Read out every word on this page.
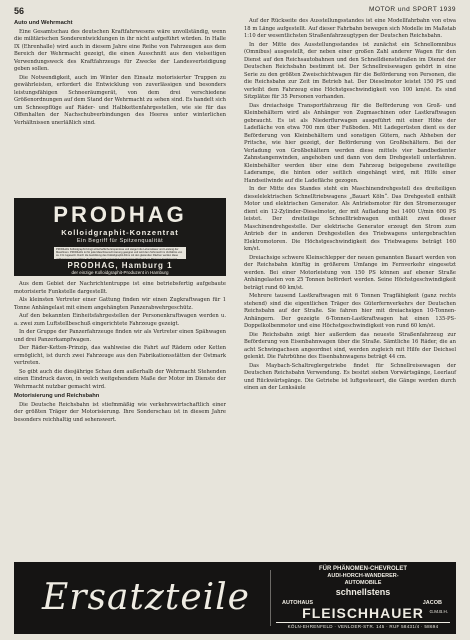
56	MOTOR und SPORT 1939
Auto und Wehrmacht

Eine Gesamtschau des deutschen Kraftfahrwesens wäre unvollständig, wenn die militärischen Sonderentwicklungen in ihr nicht aufgeführt würden. In Halle IX (Ehrenhalle) wird auch in diesem Jahre eine Reihe von Fahrzeugen aus dem Bereich der Wehrmacht gezeigt, die einen Ausschnitt aus den vielseitigen Verwendungsweck des Kraftfahrzeugs für Zwecke der Landesverteidigung geben sollen.

Die Notwendigkeit, auch im Winter den Einsatz motorisierter Truppen zu gewährleisten, erfordert die Entwicklung von zuverlässigen und besonders leistungsfähigen Schneeräumgerät, von dem drei verschiedene Größenordnungen auf dem Stand der Wehrmacht zu sehen sind. Es handelt sich um Schneepflüge auf Räder- und Halbkettenfahrgestellen, wie sie für das Offenhalten der Nachschubverbindungen des Heeres unter winterlichen Verhältnissen unerläßlich sind.

PRODHAG
Kolloidgraphit-Konzentrat
Ein Begriff für Spitzenqualität
PRODHAG Kolloidgraphit bringt wirtschaftliche Ersparnisse und steigert die Lebensdauer und Leistung der Maschinen. PRODHAG ist für jede Maschinenschmierung geeignet und wird dem Schmieröl im Verhältnis von ca. 1% zugesetzt. Durch die Ausbildung des Kolloidgraphit-Films mit den gleitenden Flächen werden diese vollkommen ausgeglättet, die Reibung stark vermindert und der Verschleiß auf ein Minimum herabgesetzt.
PRODHAG, Hamburg 1
der einzige Kolloidgraphit-Produzent in Hamburg

Aus dem Gebiet der Nachrichtentruppe ist eine betriebsfertig aufgebaute motorisierte Funkstelle dargestellt.

Als kleinsten Vertreter einer Gattung finden wir einen Zugkraftwagen für 1 Tonne Anhängelast mit einem angehängten Panzerabwehrgeschütz.

Auf den bekannten Einheitsfahrgestellen der Personenkraftwagen werden u. a. zwei zum Luftstellbeschuß eingerichtete Fahrzeuge gezeigt.

In der Gruppe der Panzerfahrzeuge finden wir als Vertreter einen Spähwagen und drei Panzerkampfwagen.

Der Räder-Ketten-Prinzip, das wahlweise die Fahrt auf Rädern oder Ketten ermöglicht, ist durch zwei Fahrzeuge aus den Fabrikationsstätten der Ostmark vertreten.

So gibt auch die diesjährige Schau dem außerhalb der Wehrmacht Stehenden einen Eindruck davon, in welch weitgehendem Maße der Motor im Dienste der Wehrmacht nutzbar gemacht wird.

Motorisierung und Reichsbahn

Die Deutsche Reichsbahn ist stiefmmäßig wie verkehrswirtschaftlich einer der größten Träger der Motorisierung. Ihre Sonderschau ist in diesem Jahre besonders reichhaltig und sehenswert.

Auf der Rückseite des Ausstellungsstandes ist eine Modellfahrbahn von etwa 18 m Länge aufgestellt. Auf dieser Fahrbahn bewegen sich Modelle im Maßstab 1:10 der wesentlichsten Straßenfahrzeugtypen der Deutschen Reichsbahn.

In der Mitte des Ausstellungsstandes ist zunächst ein Schnellomnibus (Omnibus) ausgestellt, der neben einer großen Zahl anderer Wagen für den Dienst auf den Reichsautobahnen und den Schnelldienststraßen im Dienst der Deutschen Reichsbahn bestimmt ist. Der Schnellreisewagen gehört in eine Serie zu den größten Zweischichtwagen für die Beförderung von Personen, die die Reichsbahn zur Zeit im Betrieb hat. Der Dieselmotor leistet 150 PS und verleiht dem Fahrzeug eine Höchstgeschwindigkeit von 100 km/st. Es sind Sitzplätze für 35 Personen vorhanden.

Das dreiachsige Transportfahrzeug für die Beförderung von Groß- und Kleinbehältern wird als Anhänger von Zugmaschinen oder Lastkraftwagen gebraucht. Es ist als Niederflurwagen ausgeführt mit einer Höhe der Ladefläche von etwa 700 mm über Fußboden. Mit Ladegerüsten dient es der Beförderung von Kleinbehältern und sonstigen Gütern, nach Abheben der Pritsche, wie hier gezeigt, der Beförderung von Großbehältern. Bei der Verladung von Großbehältern werden diese mittels vier bandbedienter Zahnstangenwinden, angehoben und dann von dem Drehgestell unterfahren. Kleinbehälter werden über eine dem Fahrzeug beigegebene zweiteilige Laderampe, die hinten oder seitlich eingehängt wird, mit Hilfe einer Handseilwinde auf die Ladefläche gezogen.

In der Mitte des Standes steht ein Maschinendrehgestell des dreiteiligen dieselelektrischen Schnelltriebwagens „Bauart Köln“. Das Drehgestell enthält Motor und elektrischen Generator. Als Antriebsmotor für den Stromerzeuger dient ein 12-Zylinder-Dieselmotor, der mit Aufladung bei 1400 U/min 600 PS leistet. Der dreiteilige Schnelltriebwagen enthält zwei dieser Maschinendrehgestelle. Der elektrische Generator erzeugt den Strom zum Antrieb der in anderen Drehgestellen des Triebwagens untergebrachten Elektromotoren. Die Höchstgeschwindigkeit des Triebwagens beträgt 160 km/st.

Dreiachsige schwere Kleinschlepper der neuen genannten Bauart werden von der Reichsbahn künftig in größerem Umfange im Fernverkehr eingesetzt werden. Bei einer Motorleistung von 150 PS können auf ebener Straße Anhängelasten von 25 Tonnen befördert werden. Seine Höchstgeschwindigkeit beträgt rund 60 km/st.

Mehrere tausend Lastkraftwagen mit 6 Tonnen Tragfähigkeit (ganz rechts stehend) sind die eigentlichen Träger des Güterfernverkehrs der Deutschen Reichsbahn auf der Straße. Sie fahren hier mit dreiachsigen 10-Tonnen-Anhängern. Der gezeigte 6-Tonnen-Lastkraftwagen hat einen 135-PS-Doppelkolbenmotor und eine Höchstgeschwindigkeit von rund 60 km/st.

Die Reichsbahn zeigt hier außerdem das neueste Straßenfahrzeug zur Beförderung von Eisenbahnwagen über die Straße. Sämtliche 16 Räder, die an acht Schwingachsen angeordnet sind, werden zugleich mit Hilfe der Deichsel gelenkt. Die Fahrbühne des Eisenbahnwagens beträgt 44 cm.

Das Maybach-Schaltreglergetriebe findet für Schnellreisewagen der Deutschen Reichsbahn Verwendung. Es besitzt sieben Vorwärtsgänge, Leerlauf und Rückwärtsgänge. Die Getriebe ist luftgesteuert, die Gänge werden durch einen an der Lenksäule

Ersatzteile
FÜR PHÄNOMEN-CHEVROLET
AUDI-HORCH-WANDERER-
AUTOMOBILE
schnellstens
AUTOHAUS	JACOB
FLEISCHHAUER	G.M.B.H.
KÖLN-EHRENFELD · VENLOER-STR. 145 · RUF 58431/4 · 58694
